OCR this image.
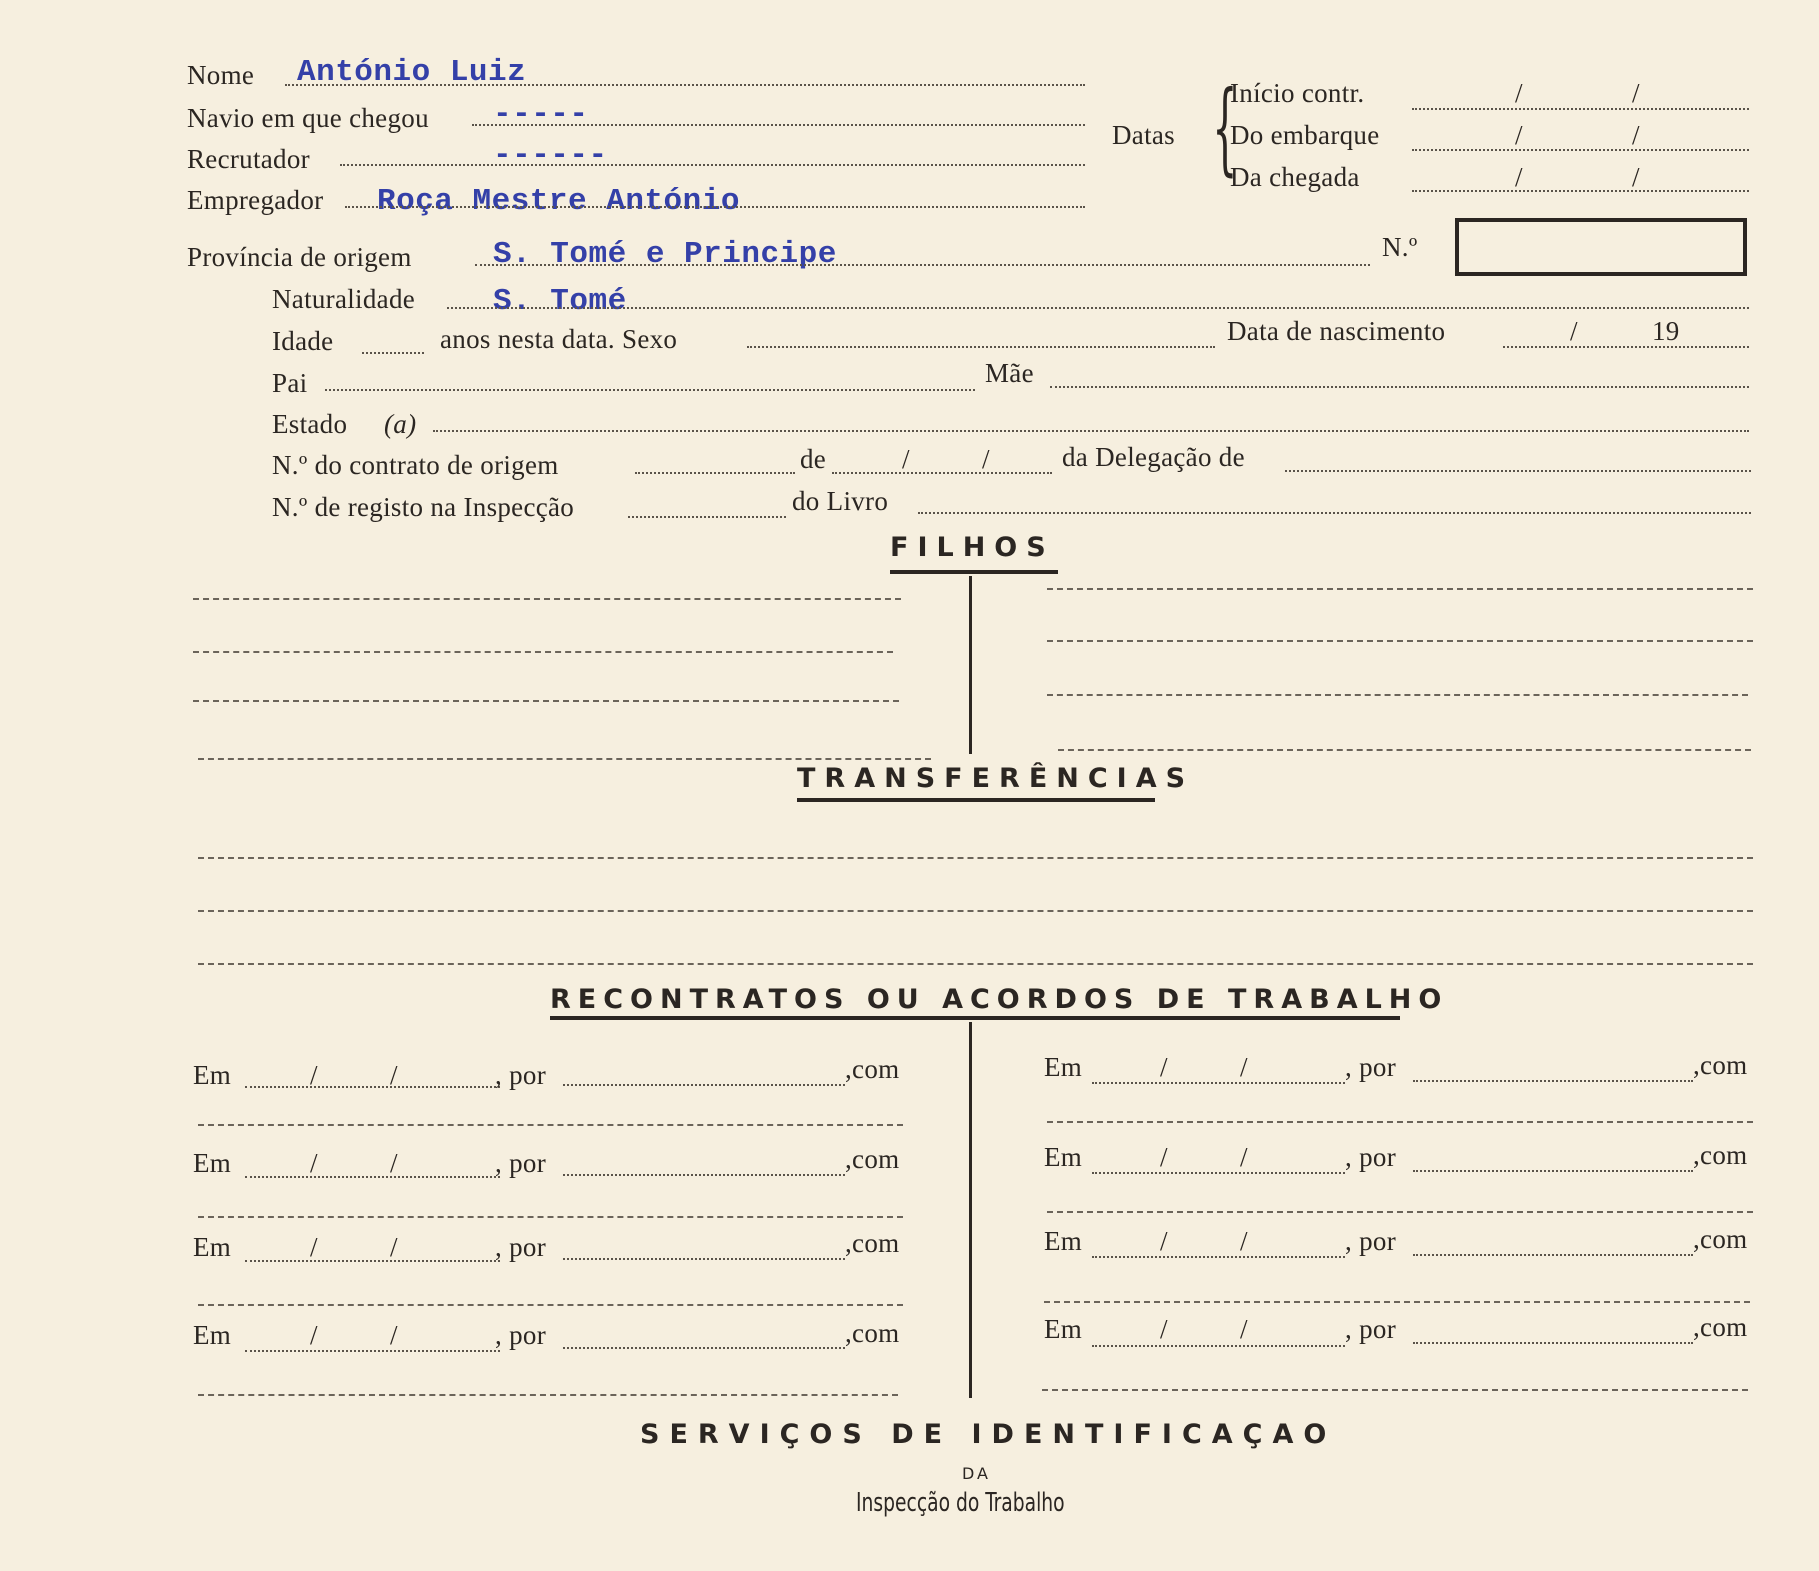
Nome António Luiz
Navio em que chegou -----
Recrutador	------
Empregador Roça Mestre António
Datas {
Início contr.	/	/
Do embarque	/	/
Da chegada	/	/
Província de origem	S. Tomé e Principe	N.º
Naturalidade	S. Tomé
Idade	anos nesta data. Sexo	Data de nascimento	/	19
Pai	Mãe
Estado (a)
N.º do contrato de origem	de	/	/	da Delegação de
N.º de registo na Inspecção	do Livro
FILHOS
TRANSFERÊNCIAS
RECONTRATOS OU ACORDOS DE TRABALHO
Em	/	/	, por	,com
Em	/	/	, por	,com
Em	/	/	, por	,com
Em	/	/	, por	,com
Em	/	/	, por	,com
Em	/	/	, por	,com
Em	/	/	, por	,com
Em	/	/	, por	,com
SERVIÇOS DE IDENTIFICAÇAO
DA
Inspecção do Trabalho
